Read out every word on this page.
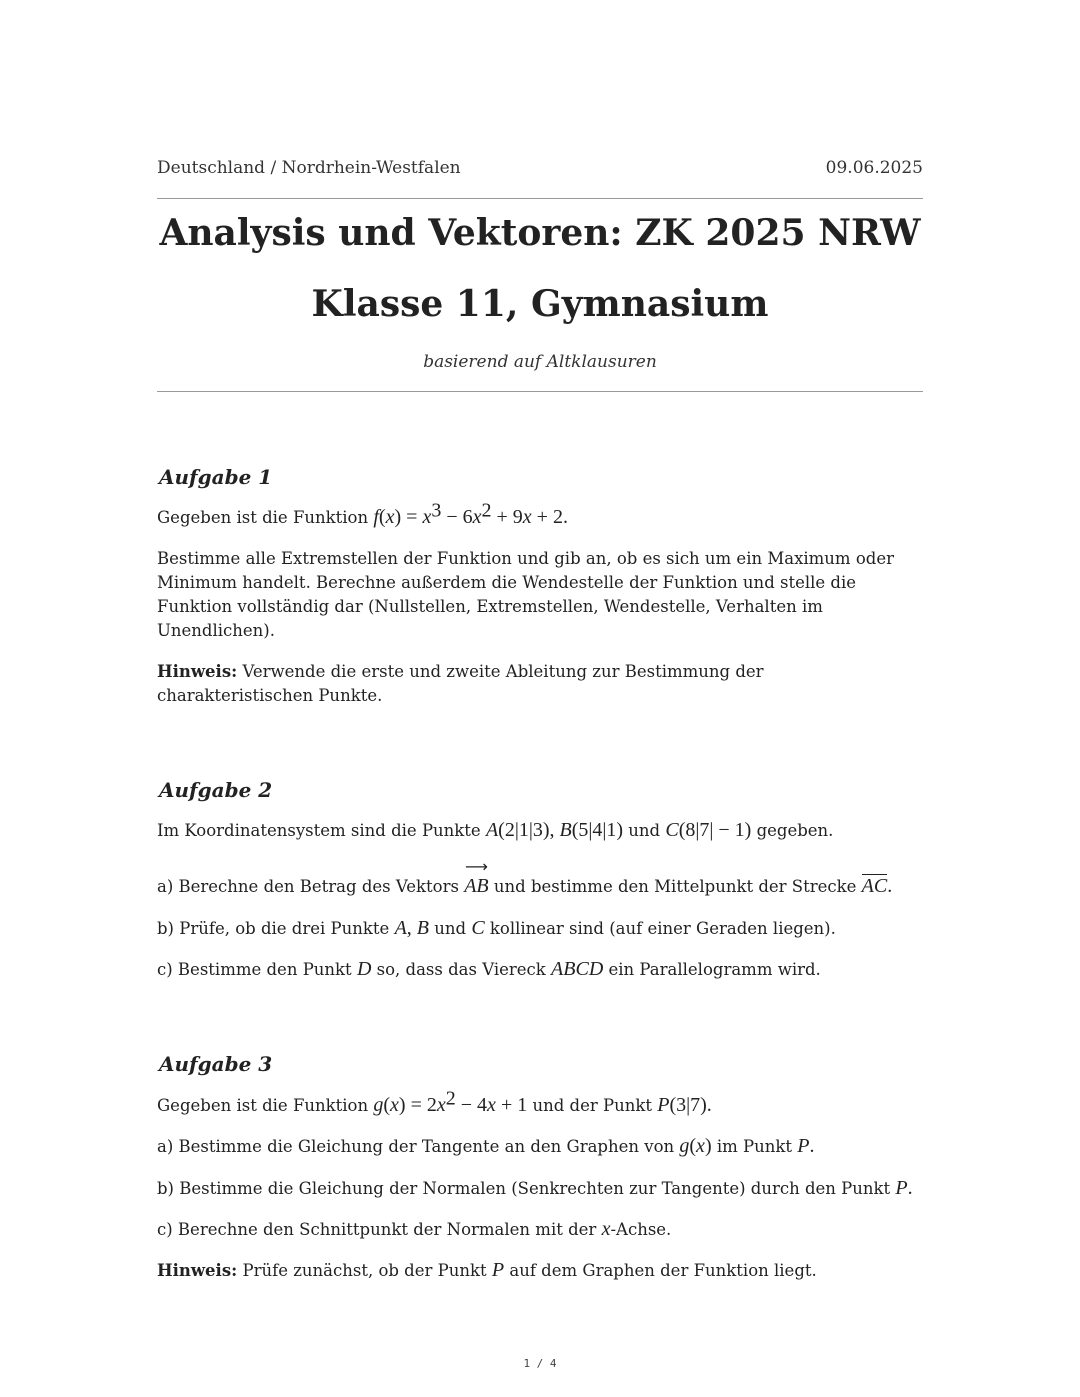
Deutschland / Nordrhein-Westfalen	09.06.2025
Analysis und Vektoren: ZK 2025 NRW
Klasse 11, Gymnasium
basierend auf Altklausuren
Aufgabe 1
Gegeben ist die Funktion $f(x) = x^3 - 6x^2 + 9x + 2$.
Bestimme alle Extremstellen der Funktion und gib an, ob es sich um ein Maximum oder Minimum handelt. Berechne außerdem die Wendestelle der Funktion und stelle die Funktion vollständig dar (Nullstellen, Extremstellen, Wendestelle, Verhalten im Unendlichen).
Hinweis: Verwende die erste und zweite Ableitung zur Bestimmung der charakteristischen Punkte.
Aufgabe 2
Im Koordinatensystem sind die Punkte A(2|1|3), B(5|4|1) und C(8|7| − 1) gegeben.
a) Berechne den Betrag des Vektors
⟶
AB und bestimme den Mittelpunkt der Strecke AC.
b) Prüfe, ob die drei Punkte A, B und C kollinear sind (auf einer Geraden liegen).
c) Bestimme den Punkt D so, dass das Viereck ABCD ein Parallelogramm wird.
Aufgabe 3
Gegeben ist die Funktion $g(x) = 2x^2 - 4x + 1$ und der Punkt P(3|7).
a) Bestimme die Gleichung der Tangente an den Graphen von g(x) im Punkt P.
b) Bestimme die Gleichung der Normalen (Senkrechten zur Tangente) durch den Punkt P.
c) Berechne den Schnittpunkt der Normalen mit der x-Achse.
Hinweis: Prüfe zunächst, ob der Punkt P auf dem Graphen der Funktion liegt.
1 / 4
